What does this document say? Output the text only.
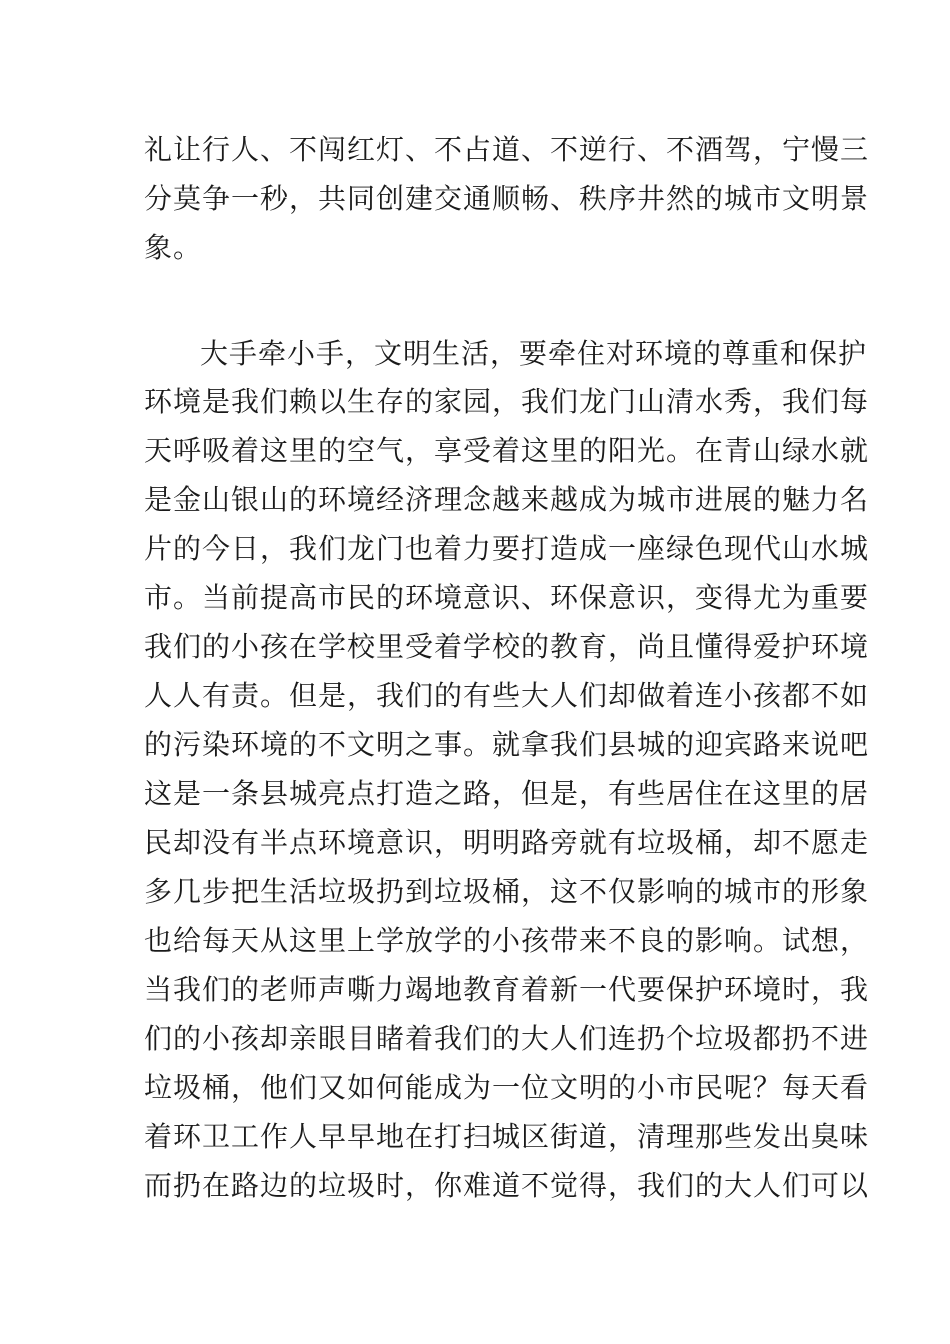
礼让行人、不闯红灯、不占道、不逆行、不酒驾，宁慢三
分莫争一秒，共同创建交通顺畅、秩序井然的城市文明景
象。
大手牵小手，文明生活，要牵住对环境的尊重和保护
环境是我们赖以生存的家园，我们龙门山清水秀，我们每
天呼吸着这里的空气，享受着这里的阳光。在青山绿水就
是金山银山的环境经济理念越来越成为城市进展的魅力名
片的今日，我们龙门也着力要打造成一座绿色现代山水城
市。当前提高市民的环境意识、环保意识，变得尤为重要
我们的小孩在学校里受着学校的教育，尚且懂得爱护环境
人人有责。但是，我们的有些大人们却做着连小孩都不如
的污染环境的不文明之事。就拿我们县城的迎宾路来说吧
这是一条县城亮点打造之路，但是，有些居住在这里的居
民却没有半点环境意识，明明路旁就有垃圾桶，却不愿走
多几步把生活垃圾扔到垃圾桶，这不仅影响的城市的形象
也给每天从这里上学放学的小孩带来不良的影响。试想，
当我们的老师声嘶力竭地教育着新一代要保护环境时，我
们的小孩却亲眼目睹着我们的大人们连扔个垃圾都扔不进
垃圾桶，他们又如何能成为一位文明的小市民呢？每天看
着环卫工作人早早地在打扫城区街道，清理那些发出臭味
而扔在路边的垃圾时，你难道不觉得，我们的大人们可以
